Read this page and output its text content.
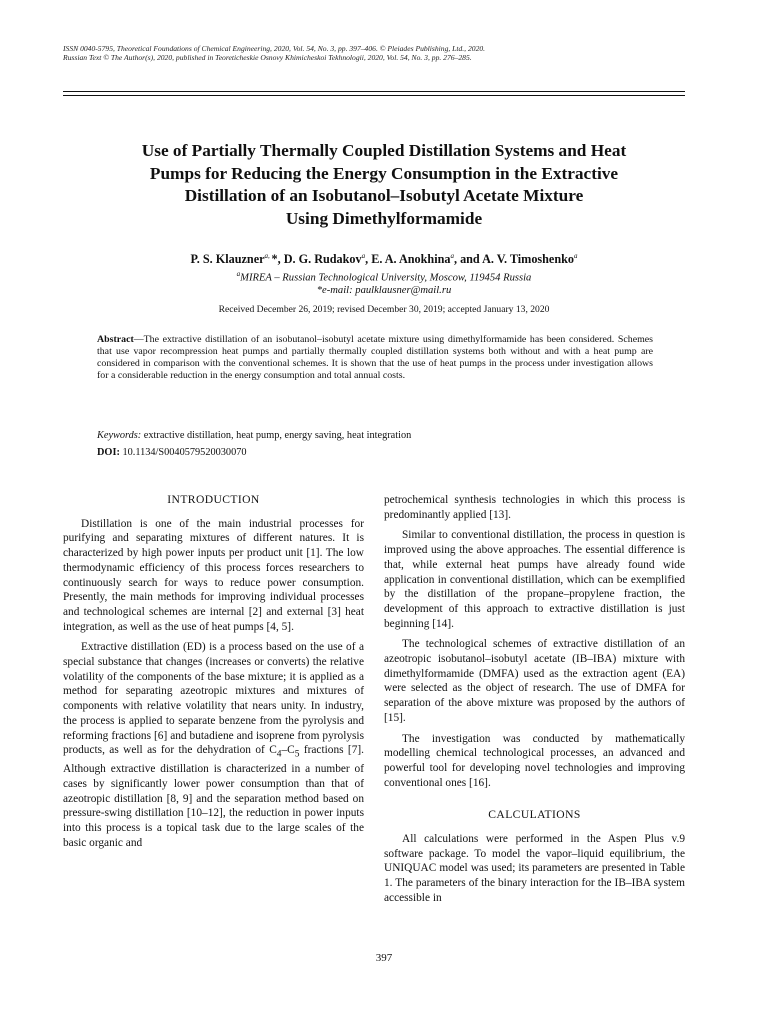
ISSN 0040-5795, Theoretical Foundations of Chemical Engineering, 2020, Vol. 54, No. 3, pp. 397–406. © Pleiades Publishing, Ltd., 2020.
Russian Text © The Author(s), 2020, published in Teoreticheskie Osnovy Khimicheskoi Tekhnologii, 2020, Vol. 54, No. 3, pp. 276–285.
Use of Partially Thermally Coupled Distillation Systems and Heat
Pumps for Reducing the Energy Consumption in the Extractive
Distillation of an Isobutanol–Isobutyl Acetate Mixture
Using Dimethylformamide
P. S. Klauzner$^{a,}$ *, D. G. Rudakov$^a$, E. A. Anokhina$^a$, and A. V. Timoshenko$^a$
$^a$MIREA – Russian Technological University, Moscow, 119454 Russia
*e-mail: paulklausner@mail.ru
Received December 26, 2019; revised December 30, 2019; accepted January 13, 2020
Abstract—The extractive distillation of an isobutanol–isobutyl acetate mixture using dimethylformamide has been considered. Schemes that use vapor recompression heat pumps and partially thermally coupled distillation systems both without and with a heat pump are considered in comparison with the conventional schemes. It is shown that the use of heat pumps in the process under investigation allows for a considerable reduction in the energy consumption and total annual costs.
Keywords: extractive distillation, heat pump, energy saving, heat integration
DOI: 10.1134/S0040579520030070
INTRODUCTION

Distillation is one of the main industrial processes for purifying and separating mixtures of different natures. It is characterized by high power inputs per product unit [1]. The low thermodynamic efficiency of this process forces researchers to continuously search for ways to reduce power consumption. Presently, the main methods for improving individual processes and technological schemes are internal [2] and external [3] heat integration, as well as the use of heat pumps [4, 5].

Extractive distillation (ED) is a process based on the use of a special substance that changes (increases or converts) the relative volatility of the components of the base mixture; it is applied as a method for separating azeotropic mixtures and mixtures of components with relative volatility that nears unity. In industry, the process is applied to separate benzene from the pyrolysis and reforming fractions [6] and butadiene and isoprene from pyrolysis products, as well as for the dehydration of $C_4-C_5$ fractions [7]. Although extractive distillation is characterized in a number of cases by significantly lower power consumption than that of azeotropic distillation [8, 9] and the separation method based on pressure-swing distillation [10–12], the reduction in power inputs into this process is a topical task due to the large scales of the basic organic and

petrochemical synthesis technologies in which this process is predominantly applied [13].

Similar to conventional distillation, the process in question is improved using the above approaches. The essential difference is that, while external heat pumps have already found wide application in conventional distillation, which can be exemplified by the distillation of the propane–propylene fraction, the development of this approach to extractive distillation is just beginning [14].

The technological schemes of extractive distillation of an azeotropic isobutanol–isobutyl acetate (IB–IBA) mixture with dimethylformamide (DMFA) used as the extraction agent (EA) were selected as the object of research. The use of DMFA for separation of the above mixture was proposed by the authors of [15].

The investigation was conducted by mathematically modelling chemical technological processes, an advanced and powerful tool for developing novel technologies and improving conventional ones [16].

CALCULATIONS

All calculations were performed in the Aspen Plus v.9 software package. To model the vapor–liquid equilibrium, the UNIQUAC model was used; its parameters are presented in Table 1. The parameters of the binary interaction for the IB–IBA system accessible in

397
